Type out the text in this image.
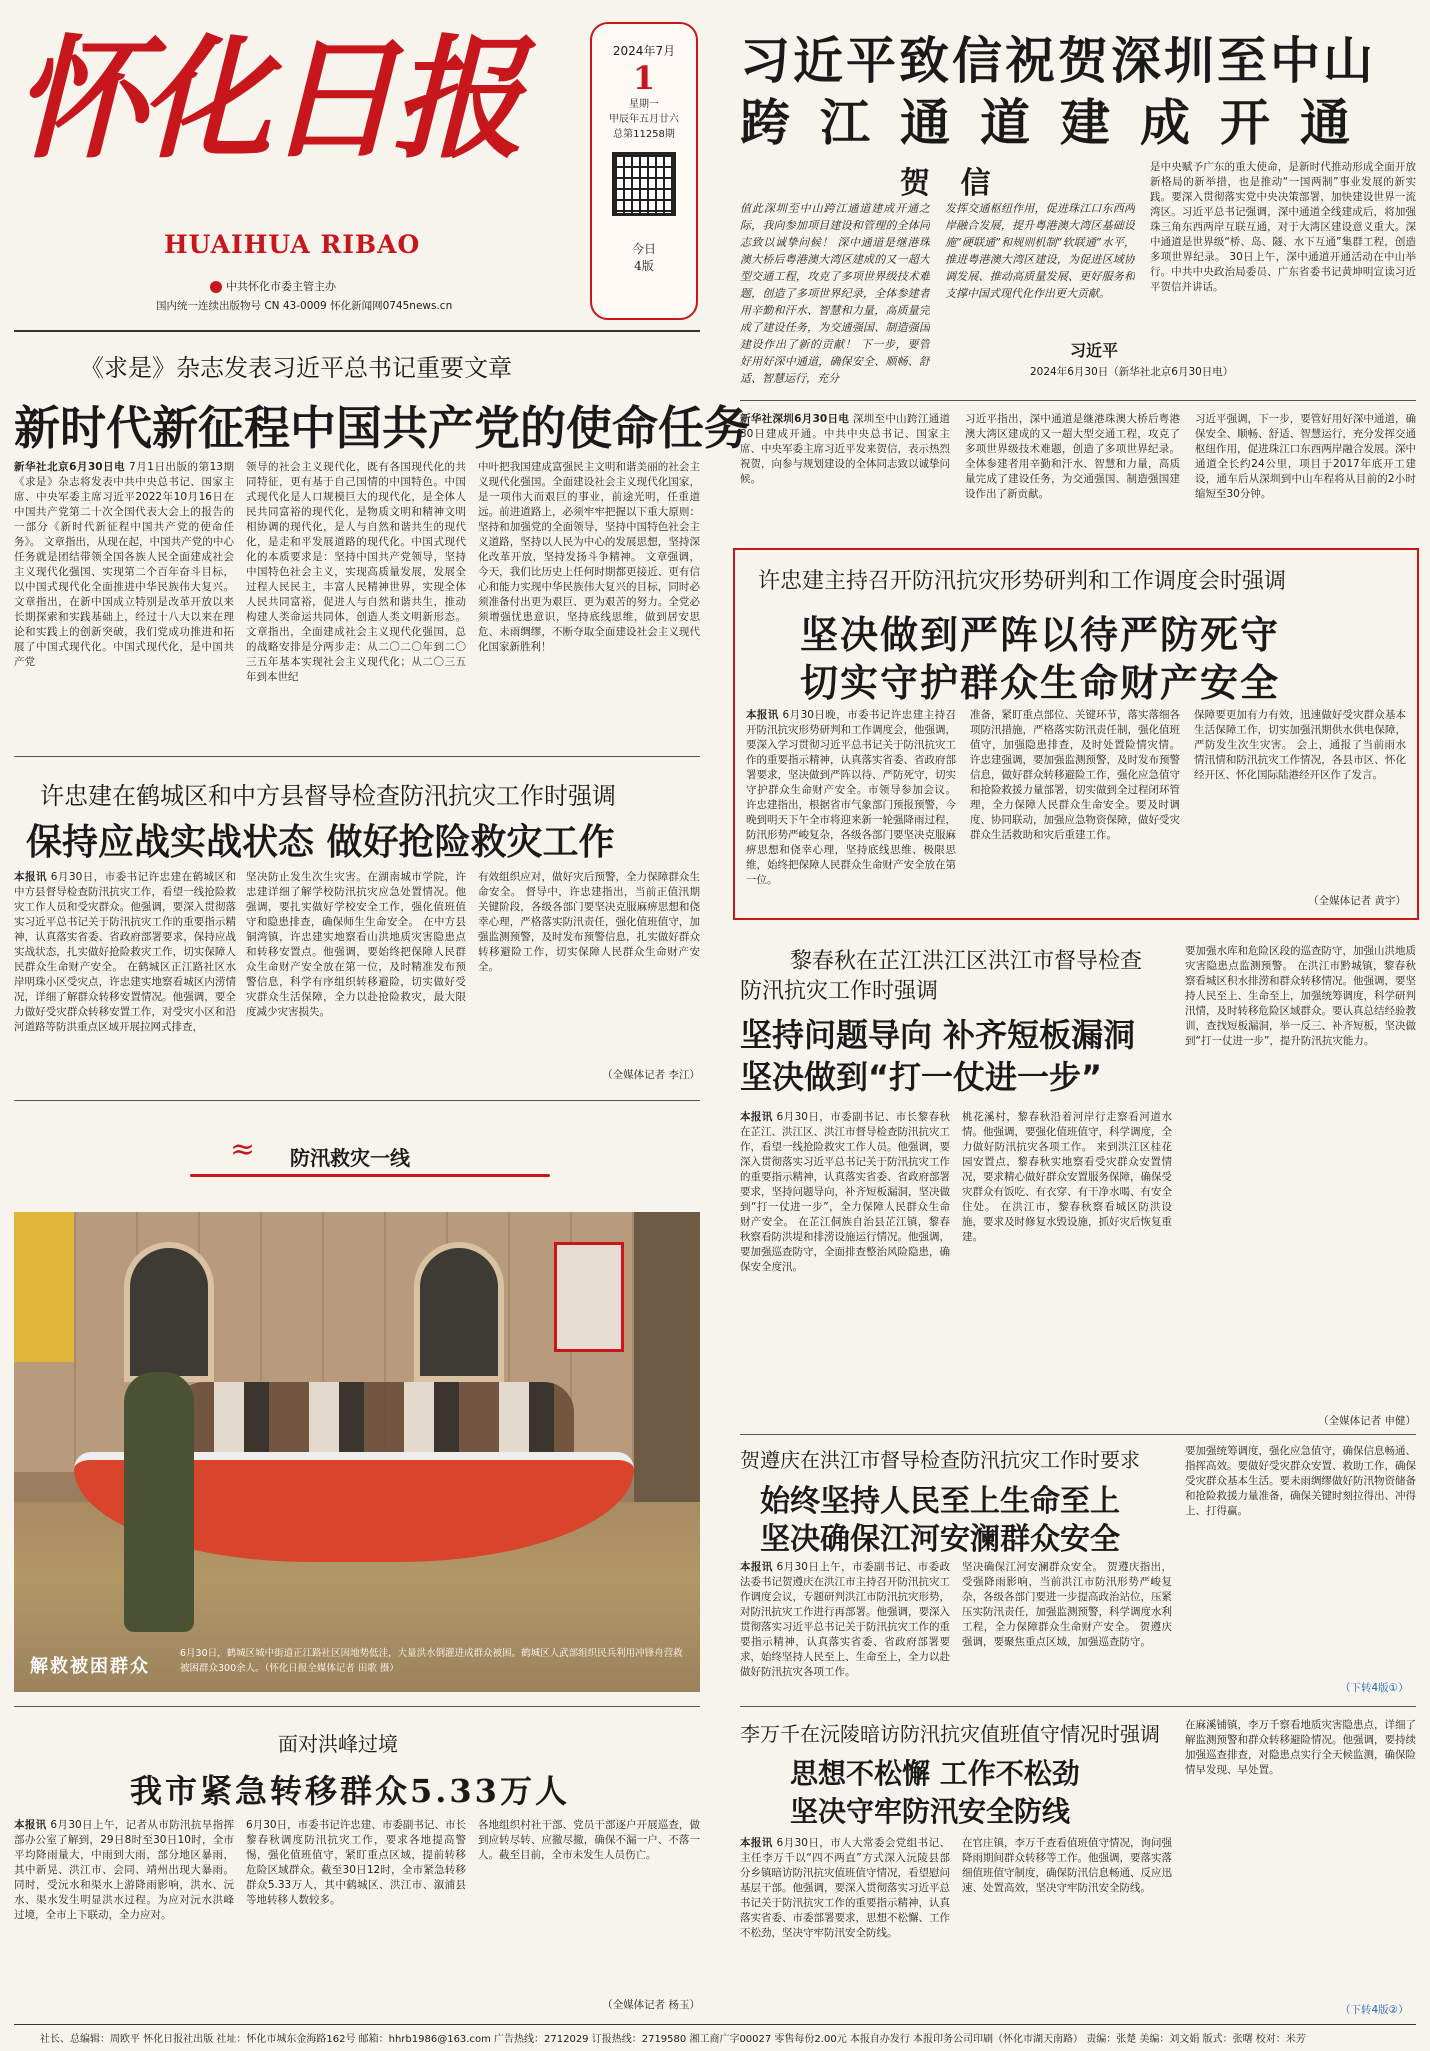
怀化日报
HUAIHUA RIBAO
中共怀化市委主管主办
国内统一连续出版物号 CN 43-0009 怀化新闻网0745news.cn
2024年7月
1
星期一
甲辰年五月廿六
总第11258期
今日
4版
习近平致信祝贺深圳至中山
跨江通道建成开通
贺 信
值此深圳至中山跨江通道建成开通之际，我向参加项目建设和管理的全体同志致以诚挚问候！ 深中通道是继港珠澳大桥后粤港澳大湾区建成的又一超大型交通工程，攻克了多项世界级技术难题，创造了多项世界纪录，全体参建者用辛勤和汗水、智慧和力量，高质量完成了建设任务，为交通强国、制造强国建设作出了新的贡献！ 下一步，要管好用好深中通道，确保安全、顺畅、舒适、智慧运行，充分
发挥交通枢纽作用，促进珠江口东西两岸融合发展，提升粤港澳大湾区基础设施“硬联通”和规则机制“软联通”水平，推进粤港澳大湾区建设，为促进区域协调发展、推动高质量发展、更好服务和支撑中国式现代化作出更大贡献。
习近平
2024年6月30日（新华社北京6月30日电）
是中央赋予广东的重大使命，是新时代推动形成全面开放新格局的新举措，也是推动“一国两制”事业发展的新实践。要深入贯彻落实党中央决策部署，加快建设世界一流湾区。习近平总书记强调，深中通道全线建成后，将加强珠三角东西两岸互联互通，对于大湾区建设意义重大。深中通道是世界级“桥、岛、隧、水下互通”集群工程，创造多项世界纪录。 30日上午，深中通道开通活动在中山举行。中共中央政治局委员、广东省委书记黄坤明宣读习近平贺信并讲话。
新华社深圳6月30日电 深圳至中山跨江通道30日建成开通。中共中央总书记、国家主席、中央军委主席习近平发来贺信，表示热烈祝贺，向参与规划建设的全体同志致以诚挚问候。
习近平指出，深中通道是继港珠澳大桥后粤港澳大湾区建成的又一超大型交通工程，攻克了多项世界级技术难题，创造了多项世界纪录。全体参建者用辛勤和汗水、智慧和力量，高质量完成了建设任务，为交通强国、制造强国建设作出了新贡献。
习近平强调，下一步，要管好用好深中通道，确保安全、顺畅、舒适、智慧运行，充分发挥交通枢纽作用，促进珠江口东西两岸融合发展。深中通道全长约24公里，项目于2017年底开工建设，通车后从深圳到中山车程将从目前的2小时缩短至30分钟。
《求是》杂志发表习近平总书记重要文章
新时代新征程中国共产党的使命任务
新华社北京6月30日电 7月1日出版的第13期《求是》杂志将发表中共中央总书记、国家主席、中央军委主席习近平2022年10月16日在中国共产党第二十次全国代表大会上的报告的一部分《新时代新征程中国共产党的使命任务》。 文章指出，从现在起，中国共产党的中心任务就是团结带领全国各族人民全面建成社会主义现代化强国、实现第二个百年奋斗目标，以中国式现代化全面推进中华民族伟大复兴。文章指出，在新中国成立特别是改革开放以来长期探索和实践基础上，经过十八大以来在理论和实践上的创新突破，我们党成功推进和拓展了中国式现代化。中国式现代化，是中国共产党
领导的社会主义现代化，既有各国现代化的共同特征，更有基于自己国情的中国特色。中国式现代化是人口规模巨大的现代化，是全体人民共同富裕的现代化，是物质文明和精神文明相协调的现代化，是人与自然和谐共生的现代化，是走和平发展道路的现代化。中国式现代化的本质要求是：坚持中国共产党领导，坚持中国特色社会主义，实现高质量发展，发展全过程人民民主，丰富人民精神世界，实现全体人民共同富裕，促进人与自然和谐共生，推动构建人类命运共同体，创造人类文明新形态。 文章指出，全面建成社会主义现代化强国，总的战略安排是分两步走：从二〇二〇年到二〇三五年基本实现社会主义现代化；从二〇三五年到本世纪
中叶把我国建成富强民主文明和谐美丽的社会主义现代化强国。全面建设社会主义现代化国家，是一项伟大而艰巨的事业，前途光明，任重道远。前进道路上，必须牢牢把握以下重大原则：坚持和加强党的全面领导，坚持中国特色社会主义道路，坚持以人民为中心的发展思想，坚持深化改革开放，坚持发扬斗争精神。 文章强调，今天，我们比历史上任何时期都更接近、更有信心和能力实现中华民族伟大复兴的目标，同时必须准备付出更为艰巨、更为艰苦的努力。全党必须增强忧患意识，坚持底线思维，做到居安思危、未雨绸缪，不断夺取全面建设社会主义现代化国家新胜利！
许忠建在鹤城区和中方县督导检查防汛抗灾工作时强调
保持应战实战状态 做好抢险救灾工作
本报讯 6月30日，市委书记许忠建在鹤城区和中方县督导检查防汛抗灾工作，看望一线抢险救灾工作人员和受灾群众。他强调，要深入贯彻落实习近平总书记关于防汛抗灾工作的重要指示精神，认真落实省委、省政府部署要求，保持应战实战状态，扎实做好抢险救灾工作，切实保障人民群众生命财产安全。 在鹤城区正江路社区水岸明珠小区受灾点，许忠建实地察看城区内涝情况，详细了解群众转移安置情况。他强调，要全力做好受灾群众转移安置工作，对受灾小区和沿河道路等防洪重点区域开展拉网式排查，
坚决防止发生次生灾害。在湖南城市学院，许忠建详细了解学校防汛抗灾应急处置情况。他强调，要扎实做好学校安全工作，强化值班值守和隐患排查，确保师生生命安全。 在中方县铜湾镇，许忠建实地察看山洪地质灾害隐患点和转移安置点。他强调，要始终把保障人民群众生命财产安全放在第一位，及时精准发布预警信息，科学有序组织转移避险，切实做好受灾群众生活保障，全力以赴抢险救灾，最大限度减少灾害损失。
有效组织应对，做好灾后预警，全力保障群众生命安全。 督导中，许忠建指出，当前正值汛期关键阶段，各级各部门要坚决克服麻痹思想和侥幸心理，严格落实防汛责任，强化值班值守，加强监测预警，及时发布预警信息，扎实做好群众转移避险工作，切实保障人民群众生命财产安全。
（全媒体记者 李江）
≈	防汛救灾一线
解救被困群众
6月30日，鹤城区城中街道正江路社区因地势低洼，大量洪水倒灌进成群众被困。鹤城区人武部组织民兵利用冲锋舟营救被困群众300余人。（怀化日报全媒体记者 田歌 摄）
面对洪峰过境
我市紧急转移群众5.33万人
本报讯 6月30日上午，记者从市防汛抗旱指挥部办公室了解到，29日8时至30日10时，全市平均降雨量大，中雨到大雨，部分地区暴雨，其中新晃、洪江市、会同、靖州出现大暴雨。同时，受沅水和渠水上游降雨影响，洪水、沅水、渠水发生明显洪水过程。为应对沅水洪峰过境，全市上下联动，全力应对。
6月30日，市委书记许忠建、市委副书记、市长黎春秋调度防汛抗灾工作，要求各地提高警惕，强化值班值守，紧盯重点区域，提前转移危险区域群众。截至30日12时，全市紧急转移群众5.33万人，其中鹤城区、洪江市、溆浦县等地转移人数较多。
各地组织村社干部、党员干部逐户开展巡查，做到应转尽转、应撤尽撤，确保不漏一户、不落一人。截至目前，全市未发生人员伤亡。
（全媒体记者 杨玉）
许忠建主持召开防汛抗灾形势研判和工作调度会时强调
坚决做到严阵以待严防死守
切实守护群众生命财产安全
本报讯 6月30日晚，市委书记许忠建主持召开防汛抗灾形势研判和工作调度会，他强调，要深入学习贯彻习近平总书记关于防汛抗灾工作的重要指示精神，认真落实省委、省政府部署要求，坚决做到严阵以待、严防死守，切实守护群众生命财产安全。市领导参加会议。 许忠建指出，根据省市气象部门预报预警，今晚到明天下午全市将迎来新一轮强降雨过程，防汛形势严峻复杂，各级各部门要坚决克服麻痹思想和侥幸心理，坚持底线思维、极限思维，始终把保障人民群众生命财产安全放在第一位。
准备，紧盯重点部位、关键环节，落实落细各项防汛措施，严格落实防汛责任制，强化值班值守，加强隐患排查，及时处置险情灾情。 许忠建强调，要加强监测预警，及时发布预警信息，做好群众转移避险工作，强化应急值守和抢险救援力量部署，切实做到全过程闭环管理，全力保障人民群众生命安全。要及时调度、协同联动，加强应急物资保障，做好受灾群众生活救助和灾后重建工作。
保障要更加有力有效，迅速做好受灾群众基本生活保障工作，切实加强汛期供水供电保障，严防发生次生灾害。 会上，通报了当前雨水情汛情和防汛抗灾工作情况，各县市区、怀化经开区、怀化国际陆港经开区作了发言。
（全媒体记者 黄宇）
黎春秋在芷江洪江区洪江市督导检查
防汛抗灾工作时强调
坚持问题导向 补齐短板漏洞
坚决做到“打一仗进一步”
要加强水库和危险区段的巡查防守，加强山洪地质灾害隐患点监测预警。 在洪江市黔城镇，黎春秋察看城区积水排涝和群众转移情况。他强调，要坚持人民至上、生命至上，加强统筹调度，科学研判汛情，及时转移危险区域群众。要认真总结经验教训，查找短板漏洞，举一反三、补齐短板，坚决做到“打一仗进一步”，提升防汛抗灾能力。
本报讯 6月30日，市委副书记、市长黎春秋在芷江、洪江区、洪江市督导检查防汛抗灾工作，看望一线抢险救灾工作人员。他强调，要深入贯彻落实习近平总书记关于防汛抗灾工作的重要指示精神，认真落实省委、省政府部署要求，坚持问题导向，补齐短板漏洞，坚决做到“打一仗进一步”，全力保障人民群众生命财产安全。 在芷江侗族自治县芷江镇，黎春秋察看防洪堤和排涝设施运行情况。他强调，要加强巡查防守，全面排查整治风险隐患，确保安全度汛。
桃花溪村，黎春秋沿着河岸行走察看河道水情。他强调，要强化值班值守，科学调度，全力做好防汛抗灾各项工作。 来到洪江区桂花园安置点，黎春秋实地察看受灾群众安置情况，要求精心做好群众安置服务保障，确保受灾群众有饭吃、有衣穿、有干净水喝、有安全住处。 在洪江市，黎春秋察看城区防洪设施，要求及时修复水毁设施，抓好灾后恢复重建。
（全媒体记者 申健）
贺遵庆在洪江市督导检查防汛抗灾工作时要求
始终坚持人民至上生命至上
坚决确保江河安澜群众安全
要加强统筹调度，强化应急值守，确保信息畅通、指挥高效。要做好受灾群众安置、救助工作，确保受灾群众基本生活。要未雨绸缪做好防汛物资储备和抢险救援力量准备，确保关键时刻拉得出、冲得上、打得赢。
本报讯 6月30日上午，市委副书记、市委政法委书记贺遵庆在洪江市主持召开防汛抗灾工作调度会议，专题研判洪江市防汛抗灾形势，对防汛抗灾工作进行再部署。他强调，要深入贯彻落实习近平总书记关于防汛抗灾工作的重要指示精神，认真落实省委、省政府部署要求，始终坚持人民至上、生命至上，全力以赴做好防汛抗灾各项工作。
坚决确保江河安澜群众安全。 贺遵庆指出，受强降雨影响，当前洪江市防汛形势严峻复杂，各级各部门要进一步提高政治站位，压紧压实防汛责任，加强监测预警，科学调度水利工程，全力保障群众生命财产安全。 贺遵庆强调，要聚焦重点区域，加强巡查防守。
（下转4版①）
李万千在沅陵暗访防汛抗灾值班值守情况时强调
思想不松懈 工作不松劲
坚决守牢防汛安全防线
在麻溪铺镇，李万千察看地质灾害隐患点，详细了解监测预警和群众转移避险情况。他强调，要持续加强巡查排查，对隐患点实行全天候监测，确保险情早发现、早处置。
本报讯 6月30日，市人大常委会党组书记、主任李万千以“四不两直”方式深入沅陵县部分乡镇暗访防汛抗灾值班值守情况，看望慰问基层干部。他强调，要深入贯彻落实习近平总书记关于防汛抗灾工作的重要指示精神，认真落实省委、市委部署要求，思想不松懈、工作不松劲，坚决守牢防汛安全防线。
在官庄镇，李万千查看值班值守情况，询问强降雨期间群众转移等工作。他强调，要落实落细值班值守制度，确保防汛信息畅通、反应迅速、处置高效，坚决守牢防汛安全防线。
（下转4版②）
社长、总编辑：周欧平 怀化日报社出版 社址：怀化市城东金海路162号 邮箱：hhrb1986@163.com 广告热线：2712029 订报热线：2719580 湘工商广字00027 零售每份2.00元 本报自办发行 本报印务公司印刷（怀化市湖天南路） 责编：张楚 美编：刘文娟 版式：张曙 校对：米芳
